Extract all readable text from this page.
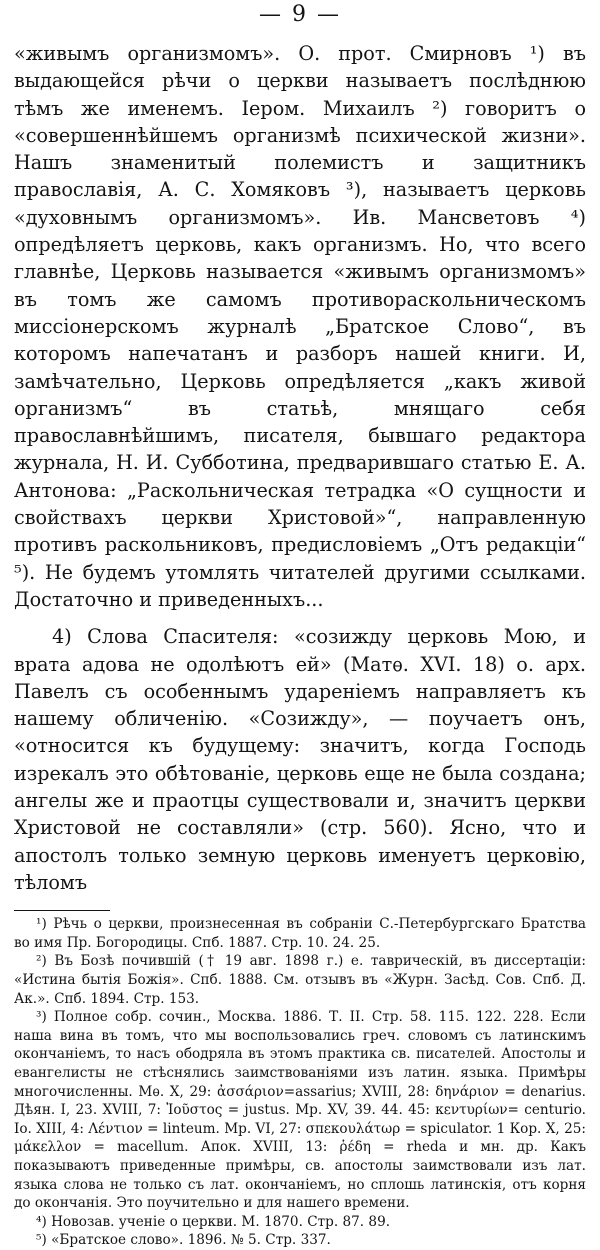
— 9 —

«живымъ организмомъ». О. прот. Смирновъ ¹) въ выдающейся рѣчи о церкви называетъ послѣднюю тѣмъ же именемъ. Iером. Михаилъ ²) говоритъ о «совершеннѣйшемъ организмѣ психической жизни». Нашъ знаменитый полемистъ и защитникъ православія, А. С. Хомяковъ ³), называетъ церковь «духовнымъ организмомъ». Ив. Мансветовъ ⁴) опредѣляетъ церковь, какъ организмъ. Но, что всего главнѣе, Церковь называется «живымъ организмомъ» въ томъ же самомъ противораскольническомъ миссіонерскомъ журналѣ „Братское Слово“, въ которомъ напечатанъ и разборъ нашей книги. И, замѣчательно, Церковь опредѣляется „какъ живой организмъ“ въ статьѣ, мнящаго себя православнѣйшимъ, писателя, бывшаго редактора журнала, Н. И. Субботина, предварившаго статью Е. А. Антонова: „Раскольническая тетрадка «О сущности и свойствахъ церкви Христовой»“, направленную противъ раскольниковъ, предисловіемъ „Отъ редакціи“ ⁵). Не будемъ утомлять читателей другими ссылками. Достаточно и приведенныхъ...

4) Слова Спасителя: «созижду церковь Мою, и врата адова не одолѣютъ ей» (Матѳ. XVI. 18) о. арх. Павелъ съ особеннымъ удареніемъ направляетъ къ нашему обличенію. «Созижду», — поучаетъ онъ, «относится къ будущему: значитъ, когда Господь изрекалъ это обѣтованіе, церковь еще не была создана; ангелы же и праотцы существовали и, значитъ церкви Христовой не составляли» (стр. 560). Ясно, что и апостолъ только земную церковь именуетъ церковію, тѣломъ

¹) Рѣчь о церкви, произнесенная въ собраніи С.-Петербургскаго Братства во имя Пр. Богородицы. Спб. 1887. Стр. 10. 24. 25.

²) Въ Бозѣ почившій († 19 авг. 1898 г.) е. таврическій, въ диссертаціи: «Истина бытія Божія». Спб. 1888. См. отзывъ въ «Журн. Засѣд. Сов. Спб. Д. Ак.». Спб. 1894. Стр. 153.

³) Полное собр. сочин., Москва. 1886. Т. II. Стр. 58. 115. 122. 228. Если наша вина въ томъ, что мы воспользовались греч. словомъ съ латинскимъ окончаніемъ, то насъ ободряла въ этомъ практика св. писателей. Апостолы и евангелисты не стѣснялись заимствованіями изъ латин. языка. Примѣры многочисленны. Мѳ. X, 29: ἀσσάριον=assarius; XVIII, 28: δηνάριον = denarius. Дѣян. I, 23. XVIII, 7: Ἰοῦστος = justus. Мр. XV, 39. 44. 45: κεντυρίων= centurio. Iо. XIII, 4: Λέντιον = linteum. Мр. VI, 27: σπεκουλάτωρ = spiculator. 1 Кор. X, 25: μάκελλον = macellum. Апок. XVIII, 13: ῥέδη = rheda и мн. др. Какъ показываютъ приведенные примѣры, св. апостолы заимствовали изъ лат. языка слова не только съ лат. окончаніемъ, но сплошь латинскія, отъ корня до окончанія. Это поучительно и для нашего времени.

⁴) Новозав. ученіе о церкви. М. 1870. Стр. 87. 89.

⁵) «Братское слово». 1896. № 5. Стр. 337.
